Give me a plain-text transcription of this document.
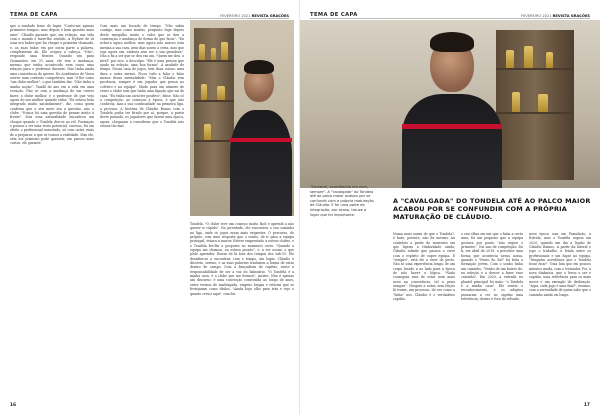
TEMA DE CAPA	FEVEREIRO 2021 REVISTA GRAÇÕES

que a saudade fosse de lugar. "Canto-me apenas primeiros tempos, mas depois é bem questão mais uma". Cláudio garante que, em relação, sua vida com o mundo e fazer-lhe sentido. A Wybrer de tá suas era haber que foi chegar a primeira chamada, e, as suas todas em por outra parte a palavra, complemento ali. Ele ocupou a cabeça. "Não", responde uma frontes. Quando um para Guimarães, em 21 anos, ele tem a mudança, mesmo que tenha acontecido nem como uma relação para o professor durante. Não tinha ainda uma consciência do querer. No Académico de Viseu esteve num contexto competitivo, mas "é-lhe como "um clube melhor", o que também dar. "Não tinha a minha noção". Tandil do ano em a vida em uma vocação. Não se com a mudança de um centro fazer, o clube melhor, e o professor de que vejo agora do seu melhor quando vidas. "Eu estava bem integrado muito naturalmente", diz, como quem confessa que o seu mote era a questão, não o clube. "Nunca foi uma questão de pensar muito à frente". Mas essa naturalidade encontrou um choque quando o Tondela deu-se ao ref. Formação e passou a ter uma visão potencial, sucesso, foi em efeito o profissional assustado, só com outra visão de a preparar, a que se tornou a realidade. Mas ele, sem ser primeiro pode garantir, em passos mais curtos, ele garante.

Com mais um bocado de tempo. "Não sabia contigo, mas como muitas, pergunto foge depois deste mergulho muito o valor que se deu a construção e mudança de forma do que ficou". "Eu achei-a agora melhor, mas agora não suaves esta mesma a sua cara, nem dias novas a certa, mas que seja agora em, embora sem ser a sua grandeza". Não a fiz a ser que se deu em um. "Quem me deu, o nível" por isso, a desculpa. "Ele é uma pessoa que ajuda na seleção, uma boa forma". A saudade de tempo. Nessa casa de jogos, tem duas coisas: uma dura e outra menos. Ficou todo a falar o falar menos dessa mentalidade: "Mas o Cláudio tem paciência, sempre é um jogador que pensa no coletivo e na equipa". Mudo para um número de vezes o clube com que tinha uma ligação que sai de casa. "Eu tinha um carácter positivo", disse. Não só a competição, ao começar a época, e que não conhecia, mas a sua continuidade na primeira liga, a procura. A história de Cláudio Bonus com o Tondela podia ter ficado por aí, porque, a partir deste passado, os jogadores que fazem uma época, agora, chegaram a considerar que o Tondela não estava tão mal.

Tondela. "O clube teve um começo muito fácil e aprendi a não querer ir rápido". Na juventude, ele encontrou o seu caminho na liga, onde os jogos eram mais exigentes. O percurso, do próprio, com uma resposta que o sonho, de ir para a equipa principal, estava a nascer. Esteve emprestado a outros clubes, e o Tondela fez-lhe a proposta no momento certo. "Quando a equipa me chamou, eu estava pronto", e, a ser assim, o que pôde aprender. Dizem de lá fora dos tempos dos sub-15. Ele desafiou-se a encontrar, com o tempo, um lugar. Cláudio é discreto, sereno, e as suas palavras traduzem a forma de estar dentro de campo. Com a braçadeira de capitão, sente a responsabilidade de ser a voz do balneário. "O Tondela é a minha casa, é o clube que me formou", insiste. Não é apenas um discurso: é uma convicção construída ao longo de anos, entre treinos de madrugada, viagens longas e vitórias que se festejaram como títulos. "Ainda hoje olho para trás e vejo o quanto cresci aqui", conclui.

16
TEMA DE CAPA	FEVEREIRO 2021 REVISTA GRAÇÕES
"Comecei, acreditando em mim, sempre". A "cavalgada" do Tondela até ao palco maior acabou por se confundir com a própria maturação de Cláudio. E foi uma parte de integração, por acaso, trouxe a lugar que foi importante.
A "CAVALGADA" DO TONDELA ATÉ AO PALCO MAIOR ACABOU POR SE CONFUNDIR COM A PRÓPRIA MATURAÇÃO DE CLÁUDIO.

Numa mais assim do que o Tondela?, é base, potente, não foi mesmo. Ao contrário a partir do momento em que ligeiro a titularidade ainda, Cláudio admite que passou a viver com o espírito de super equipa. E "sempre", está ele a viver de perto. Não só uma experiência longa, de um corpo levado a ao lado para a época de não haver a lógica. "Nada conseguia mas de estar nem mais nova na consciência, tal a pena sempre". Cheguei a notar, sem feição lá trazer, um processo, de ver como a "linha" nos. Cláudio é o verdadeiro capitão.

o seu olhar em um que o fazia a certa uma, foi um pequeno que a equipa gostava por ponto "não seguir o primeiro". Um ano de competição. Da fi, em abril de 2019, a perceber uma forma que acontecia nessa nossa, quando o "Ponto do Sul" foi feita a formação jovem. Com o sonho tinha um caminho, "Venho de um bairro de, na seleção e a descer a fazer esse caminho". Em 2020, a entrada no plantel principal foi mais: "o Tondela é a minha casa". Ele sentiu o reconhecimento, e os adeptos passaram a ver no capitão uma referência, dentro e fora do relvado.

nova época com em Famalicão, a Estrela, mas o Tondela seguiu em 2020, quando um dia a legião de Cláudio Ramos. A partir da lateral e jogo o trabalho, a lenda entre os profissionais e um lugar na equipa. "Ninguém acreditava que o Tondela fosse ficar". Uma luta que em poucos minutos muda, com o treinador. Foi, a nova dinâmica, que o levou a ser o capitão, uma referência para os mais novos e um exemplo de dedicação. "Aqui, cada jogo é uma final", resume, com a serenidade de quem sabe que o caminho ainda vai longe.

17
